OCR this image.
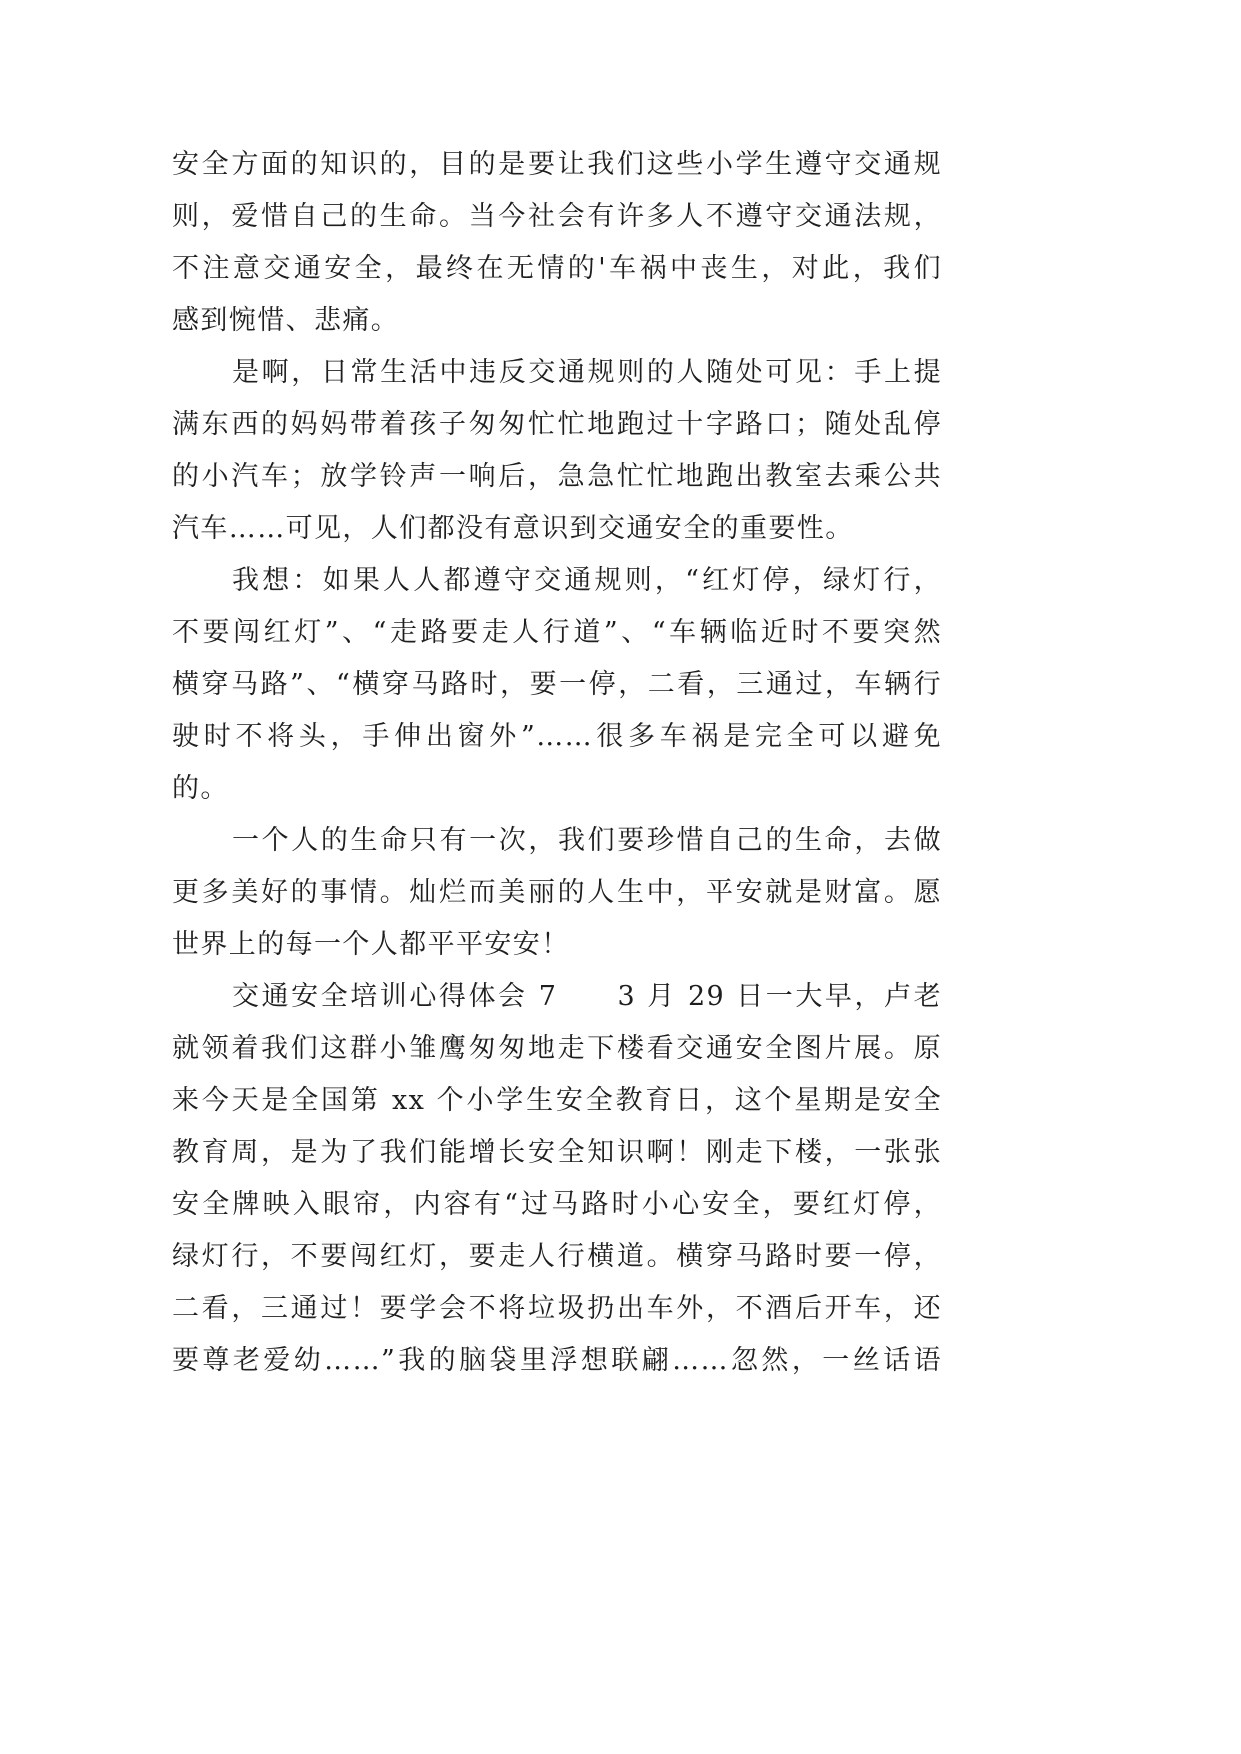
安全方面的知识的，目的是要让我们这些小学生遵守交通规
则，爱惜自己的生命。当今社会有许多人不遵守交通法规，
不注意交通安全，最终在无情的'车祸中丧生，对此，我们
感到惋惜、悲痛。
是啊，日常生活中违反交通规则的人随处可见：手上提
满东西的妈妈带着孩子匆匆忙忙地跑过十字路口；随处乱停
的小汽车；放学铃声一响后，急急忙忙地跑出教室去乘公共
汽车……可见，人们都没有意识到交通安全的重要性。
我想：如果人人都遵守交通规则，“红灯停，绿灯行，
不要闯红灯”、“走路要走人行道”、“车辆临近时不要突然
横穿马路”、“横穿马路时，要一停，二看，三通过，车辆行
驶时不将头，手伸出窗外”……很多车祸是完全可以避免
的。
一个人的生命只有一次，我们要珍惜自己的生命，去做
更多美好的事情。灿烂而美丽的人生中，平安就是财富。愿
世界上的每一个人都平平安安！
交通安全培训心得体会 7　　3 月 29 日一大早，卢老
就领着我们这群小雏鹰匆匆地走下楼看交通安全图片展。原
来今天是全国第 xx 个小学生安全教育日，这个星期是安全
教育周，是为了我们能增长安全知识啊！刚走下楼，一张张
安全牌映入眼帘，内容有“过马路时小心安全，要红灯停，
绿灯行，不要闯红灯，要走人行横道。横穿马路时要一停，
二看，三通过！要学会不将垃圾扔出车外，不酒后开车，还
要尊老爱幼……”我的脑袋里浮想联翩……忽然，一丝话语
